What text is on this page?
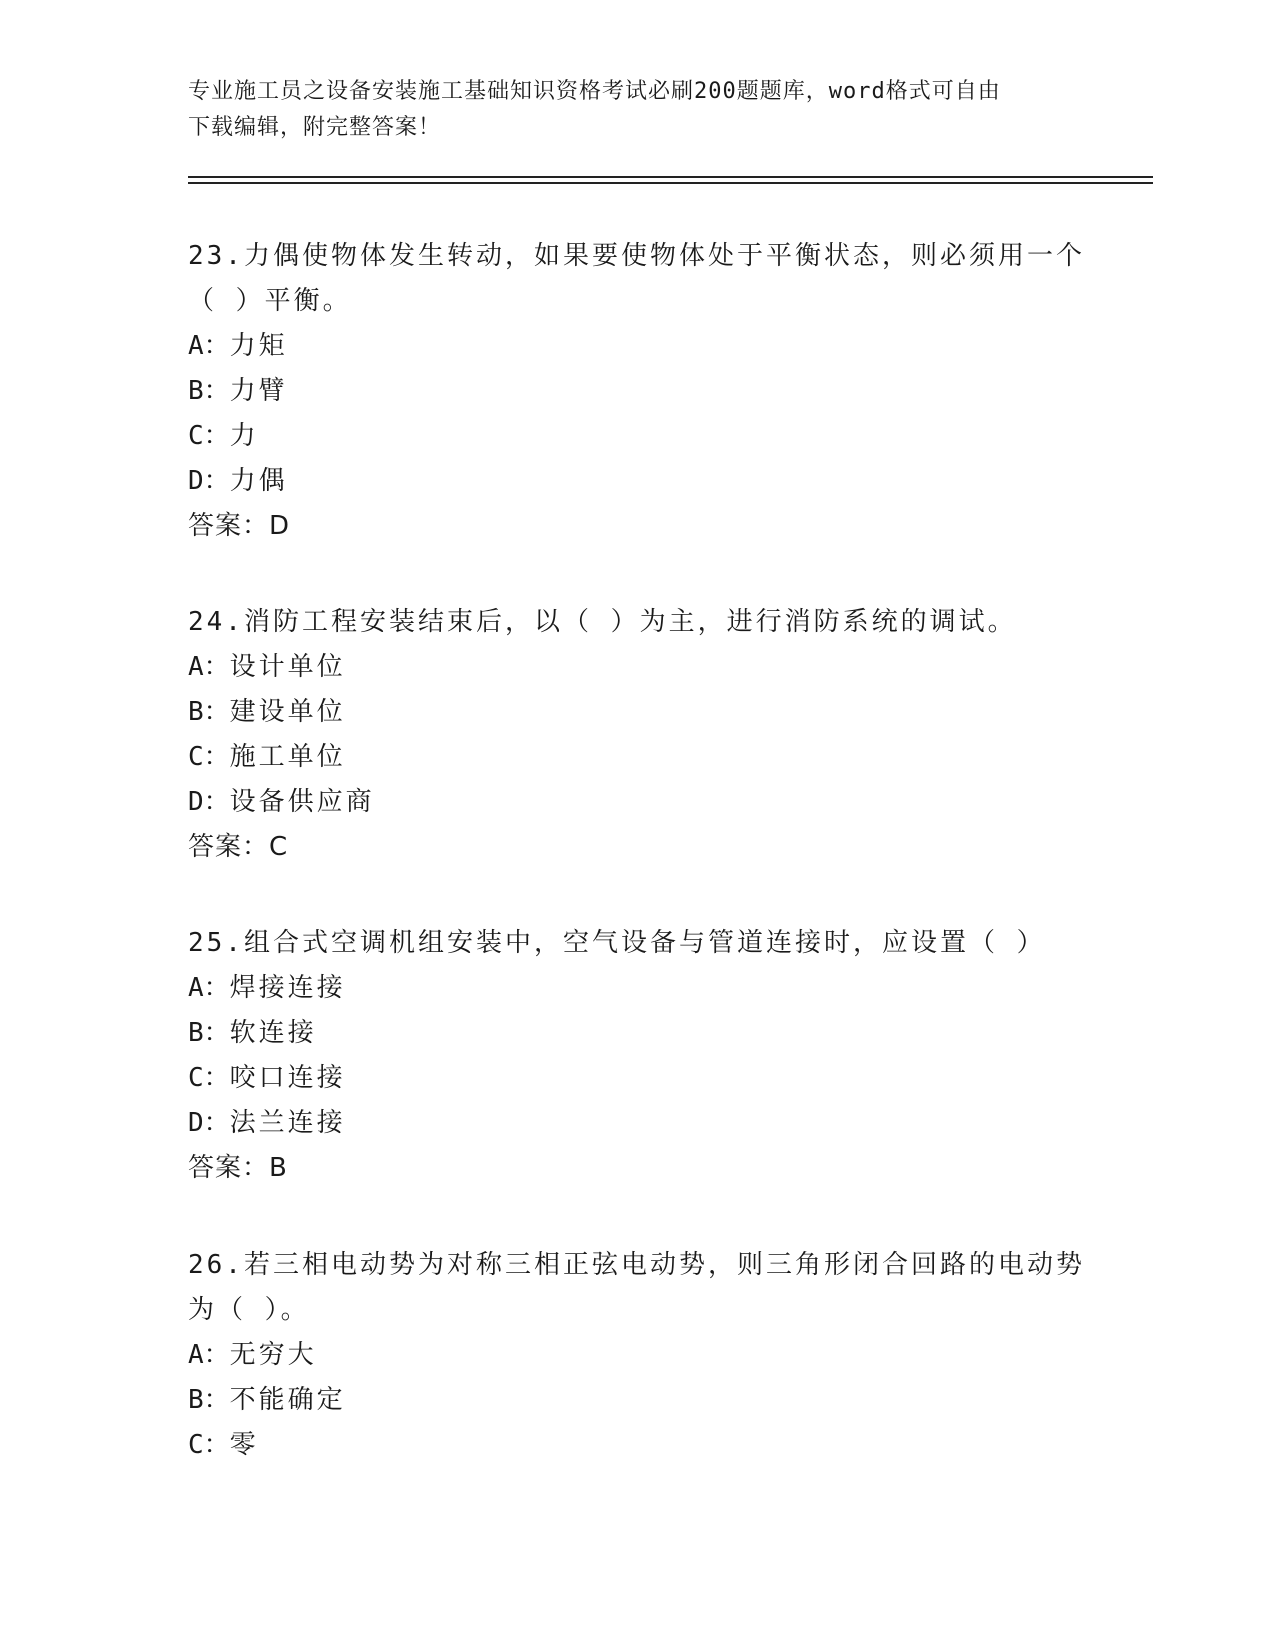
专业施工员之设备安装施工基础知识资格考试必刷200题题库，word格式可自由
下载编辑，附完整答案！
23.力偶使物体发生转动，如果要使物体处于平衡状态，则必须用一个
（ ）平衡。
A：力矩
B：力臂
C：力
D：力偶
答案：D
24.消防工程安装结束后，以（ ）为主，进行消防系统的调试。
A：设计单位
B：建设单位
C：施工单位
D：设备供应商
答案：C
25.组合式空调机组安装中，空气设备与管道连接时，应设置（ ）
A：焊接连接
B：软连接
C：咬口连接
D：法兰连接
答案：B
26.若三相电动势为对称三相正弦电动势，则三角形闭合回路的电动势
为（ ）。
A：无穷大
B：不能确定
C：零
